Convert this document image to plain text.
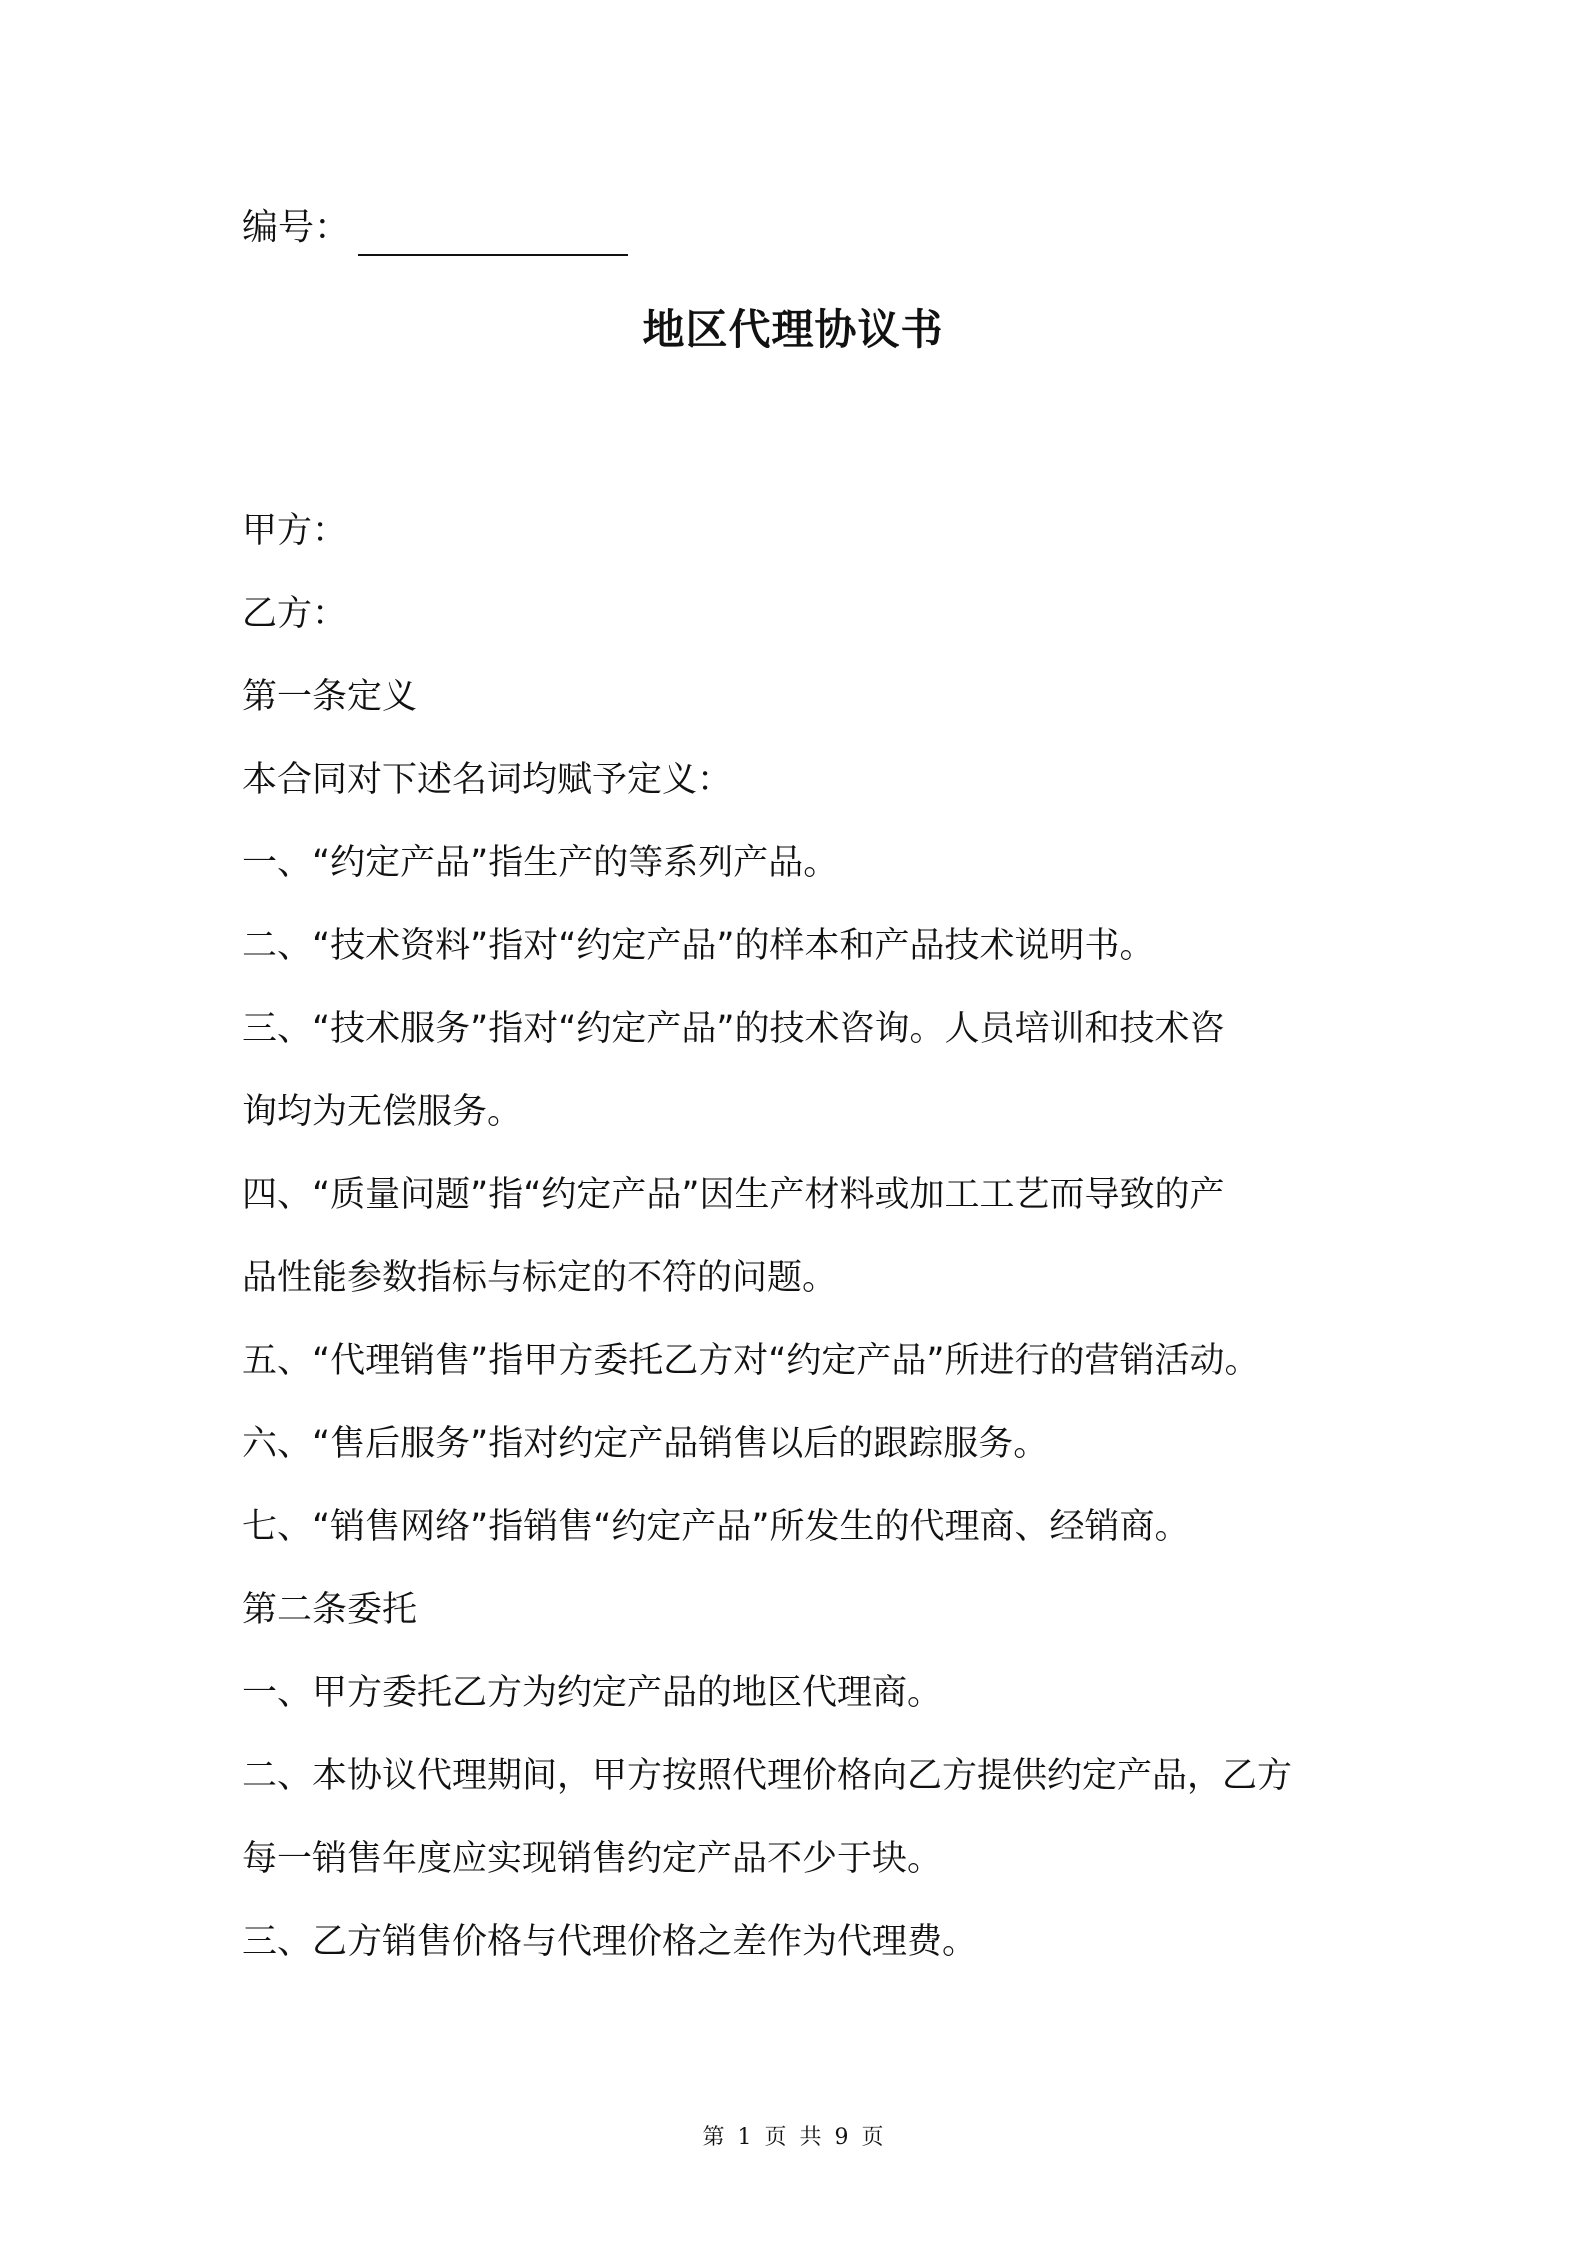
编号：
地区代理协议书
甲方：
乙方：
第一条定义
本合同对下述名词均赋予定义：
一、“约定产品”指生产的等系列产品。
二、“技术资料”指对“约定产品”的样本和产品技术说明书。
三、“技术服务”指对“约定产品”的技术咨询。人员培训和技术咨
询均为无偿服务。
四、“质量问题”指“约定产品”因生产材料或加工工艺而导致的产
品性能参数指标与标定的不符的问题。
五、“代理销售”指甲方委托乙方对“约定产品”所进行的营销活动。
六、“售后服务”指对约定产品销售以后的跟踪服务。
七、“销售网络”指销售“约定产品”所发生的代理商、经销商。
第二条委托
一、甲方委托乙方为约定产品的地区代理商。
二、本协议代理期间，甲方按照代理价格向乙方提供约定产品，乙方
每一销售年度应实现销售约定产品不少于块。
三、乙方销售价格与代理价格之差作为代理费。
第 1 页 共 9 页
